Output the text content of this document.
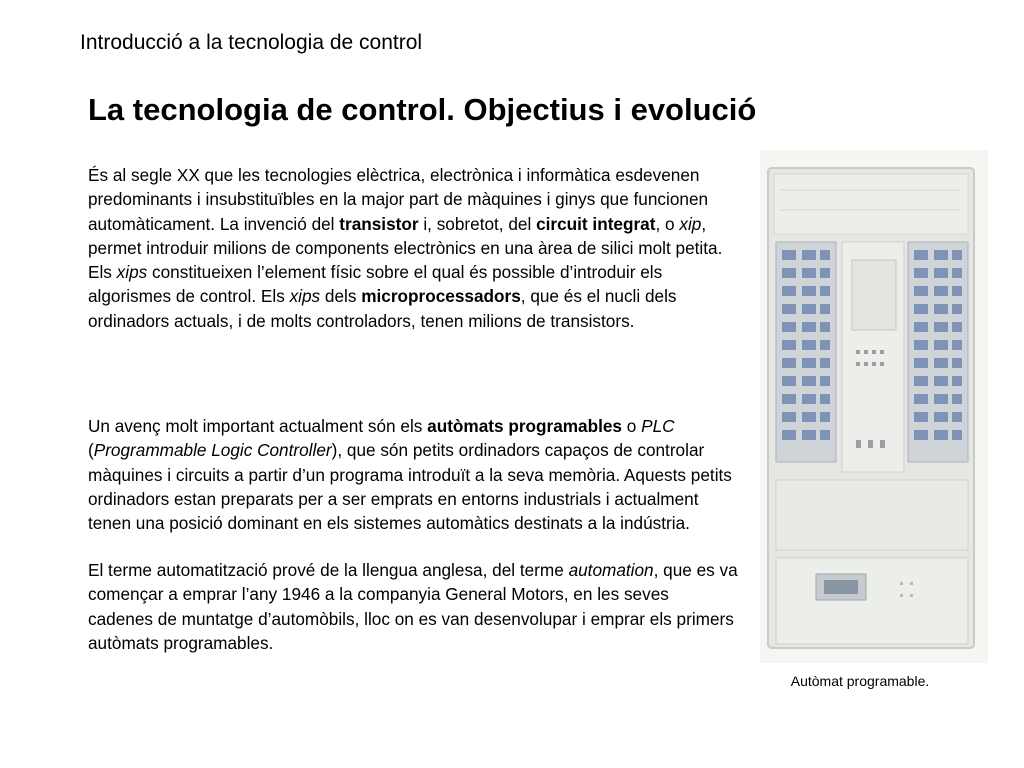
Introducció a la tecnologia de control
La tecnologia de control. Objectius i evolució

És al segle XX que les tecnologies elèctrica, electrònica i informàtica esdevenen predominants i insubstituïbles en la major part de màquines i ginys que funcionen automàticament. La invenció del transistor i, sobretot, del circuit integrat, o xip, permet introduir milions de components electrònics en una àrea de silici molt petita. Els xips constitueixen l’element físic sobre el qual és possible d’introduir els algorismes de control. Els xips dels microprocessadors, que és el nucli dels ordinadors actuals, i de molts controladors, tenen milions de transistors.

Un avenç molt important actualment són els autòmats programables o PLC (Programmable Logic Controller), que són petits ordinadors capaços de controlar màquines i circuits a partir d’un programa introduït a la seva memòria. Aquests petits ordinadors estan preparats per a ser emprats en entorns industrials i actualment tenen una posició dominant en els sistemes automàtics destinats a la indústria.

El terme automatització prové de la llengua anglesa, del terme automation, que es va començar a emprar l’any 1946 a la companyia General Motors, en les seves cadenes de muntatge d’automòbils, lloc on es van desenvolupar i emprar els primers autòmats programables.

Autòmat programable.
